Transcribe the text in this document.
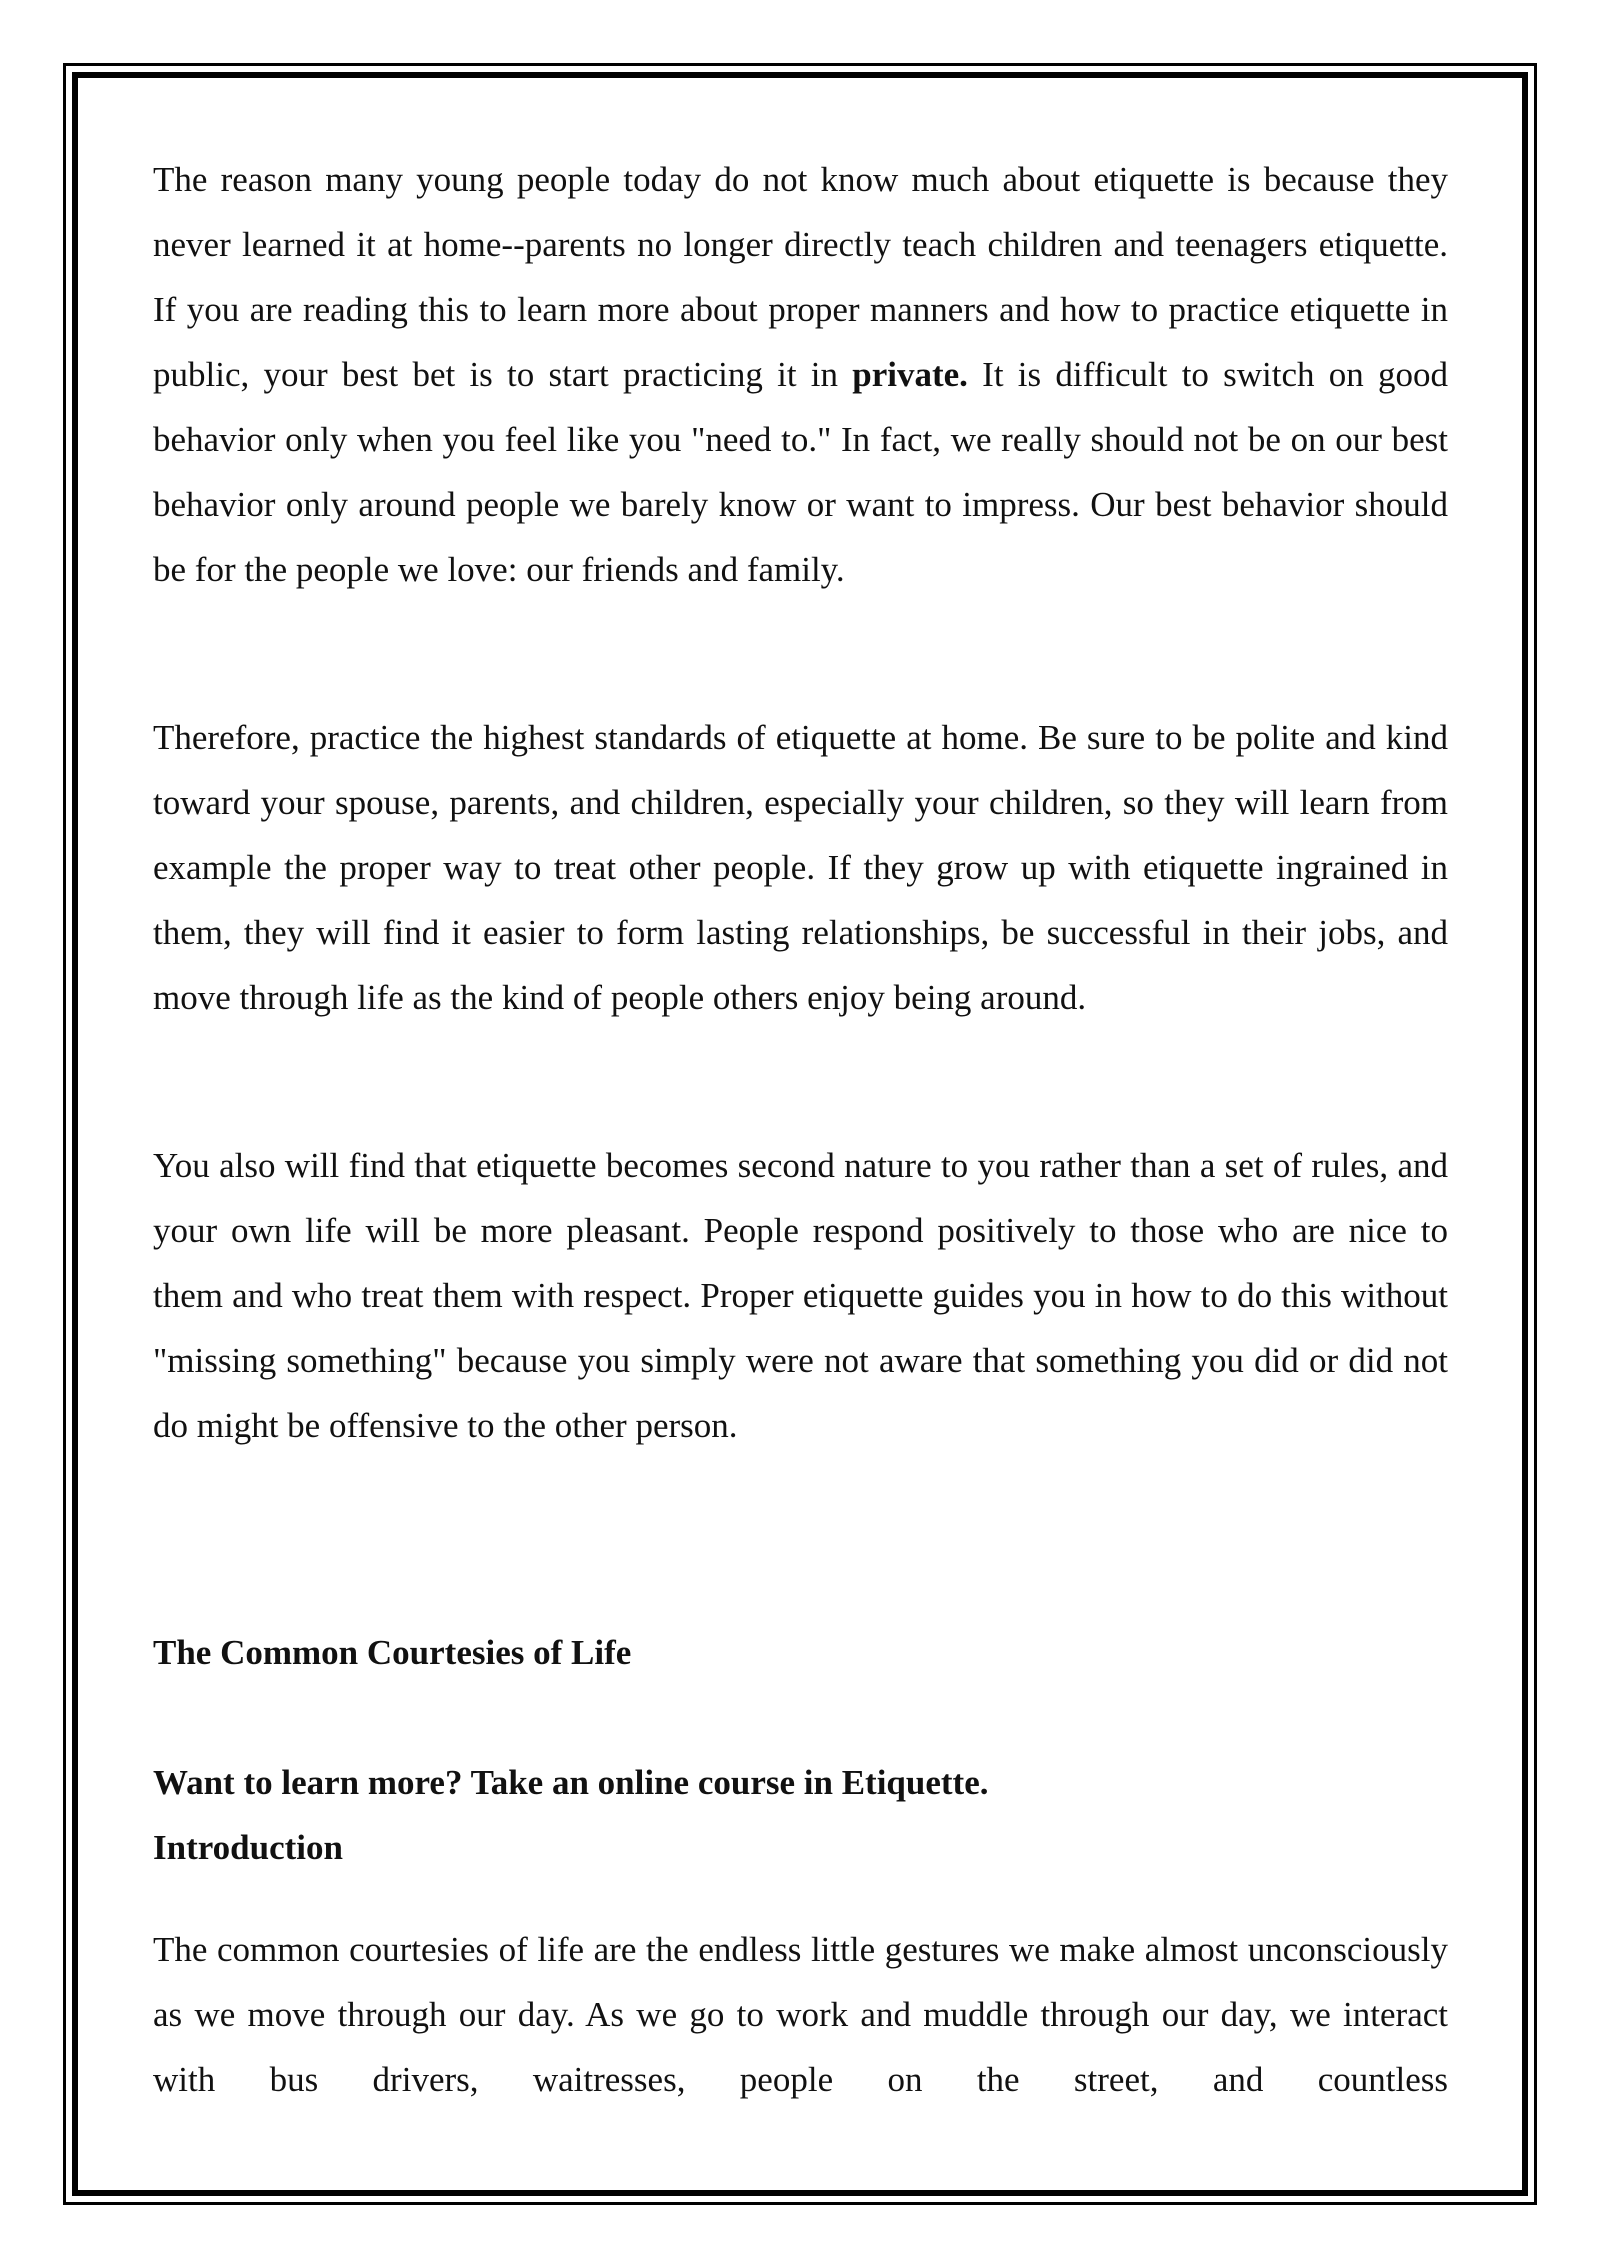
The reason many young people today do not know much about etiquette is because they never learned it at home--parents no longer directly teach children and teenagers etiquette. If you are reading this to learn more about proper manners and how to practice etiquette in public, your best bet is to start practicing it in private. It is difficult to switch on good behavior only when you feel like you "need to." In fact, we really should not be on our best behavior only around people we barely know or want to impress. Our best behavior should be for the people we love: our friends and family.

Therefore, practice the highest standards of etiquette at home. Be sure to be polite and kind toward your spouse, parents, and children, especially your children, so they will learn from example the proper way to treat other people. If they grow up with etiquette ingrained in them, they will find it easier to form lasting relationships, be successful in their jobs, and move through life as the kind of people others enjoy being around.

You also will find that etiquette becomes second nature to you rather than a set of rules, and your own life will be more pleasant. People respond positively to those who are nice to them and who treat them with respect. Proper etiquette guides you in how to do this without "missing something" because you simply were not aware that something you did or did not do might be offensive to the other person.

The Common Courtesies of Life
Want to learn more? Take an online course in Etiquette.
Introduction

The common courtesies of life are the endless little gestures we make almost unconsciously as we move through our day. As we go to work and muddle through our day, we interact with bus drivers, waitresses, people on the street, and countless
